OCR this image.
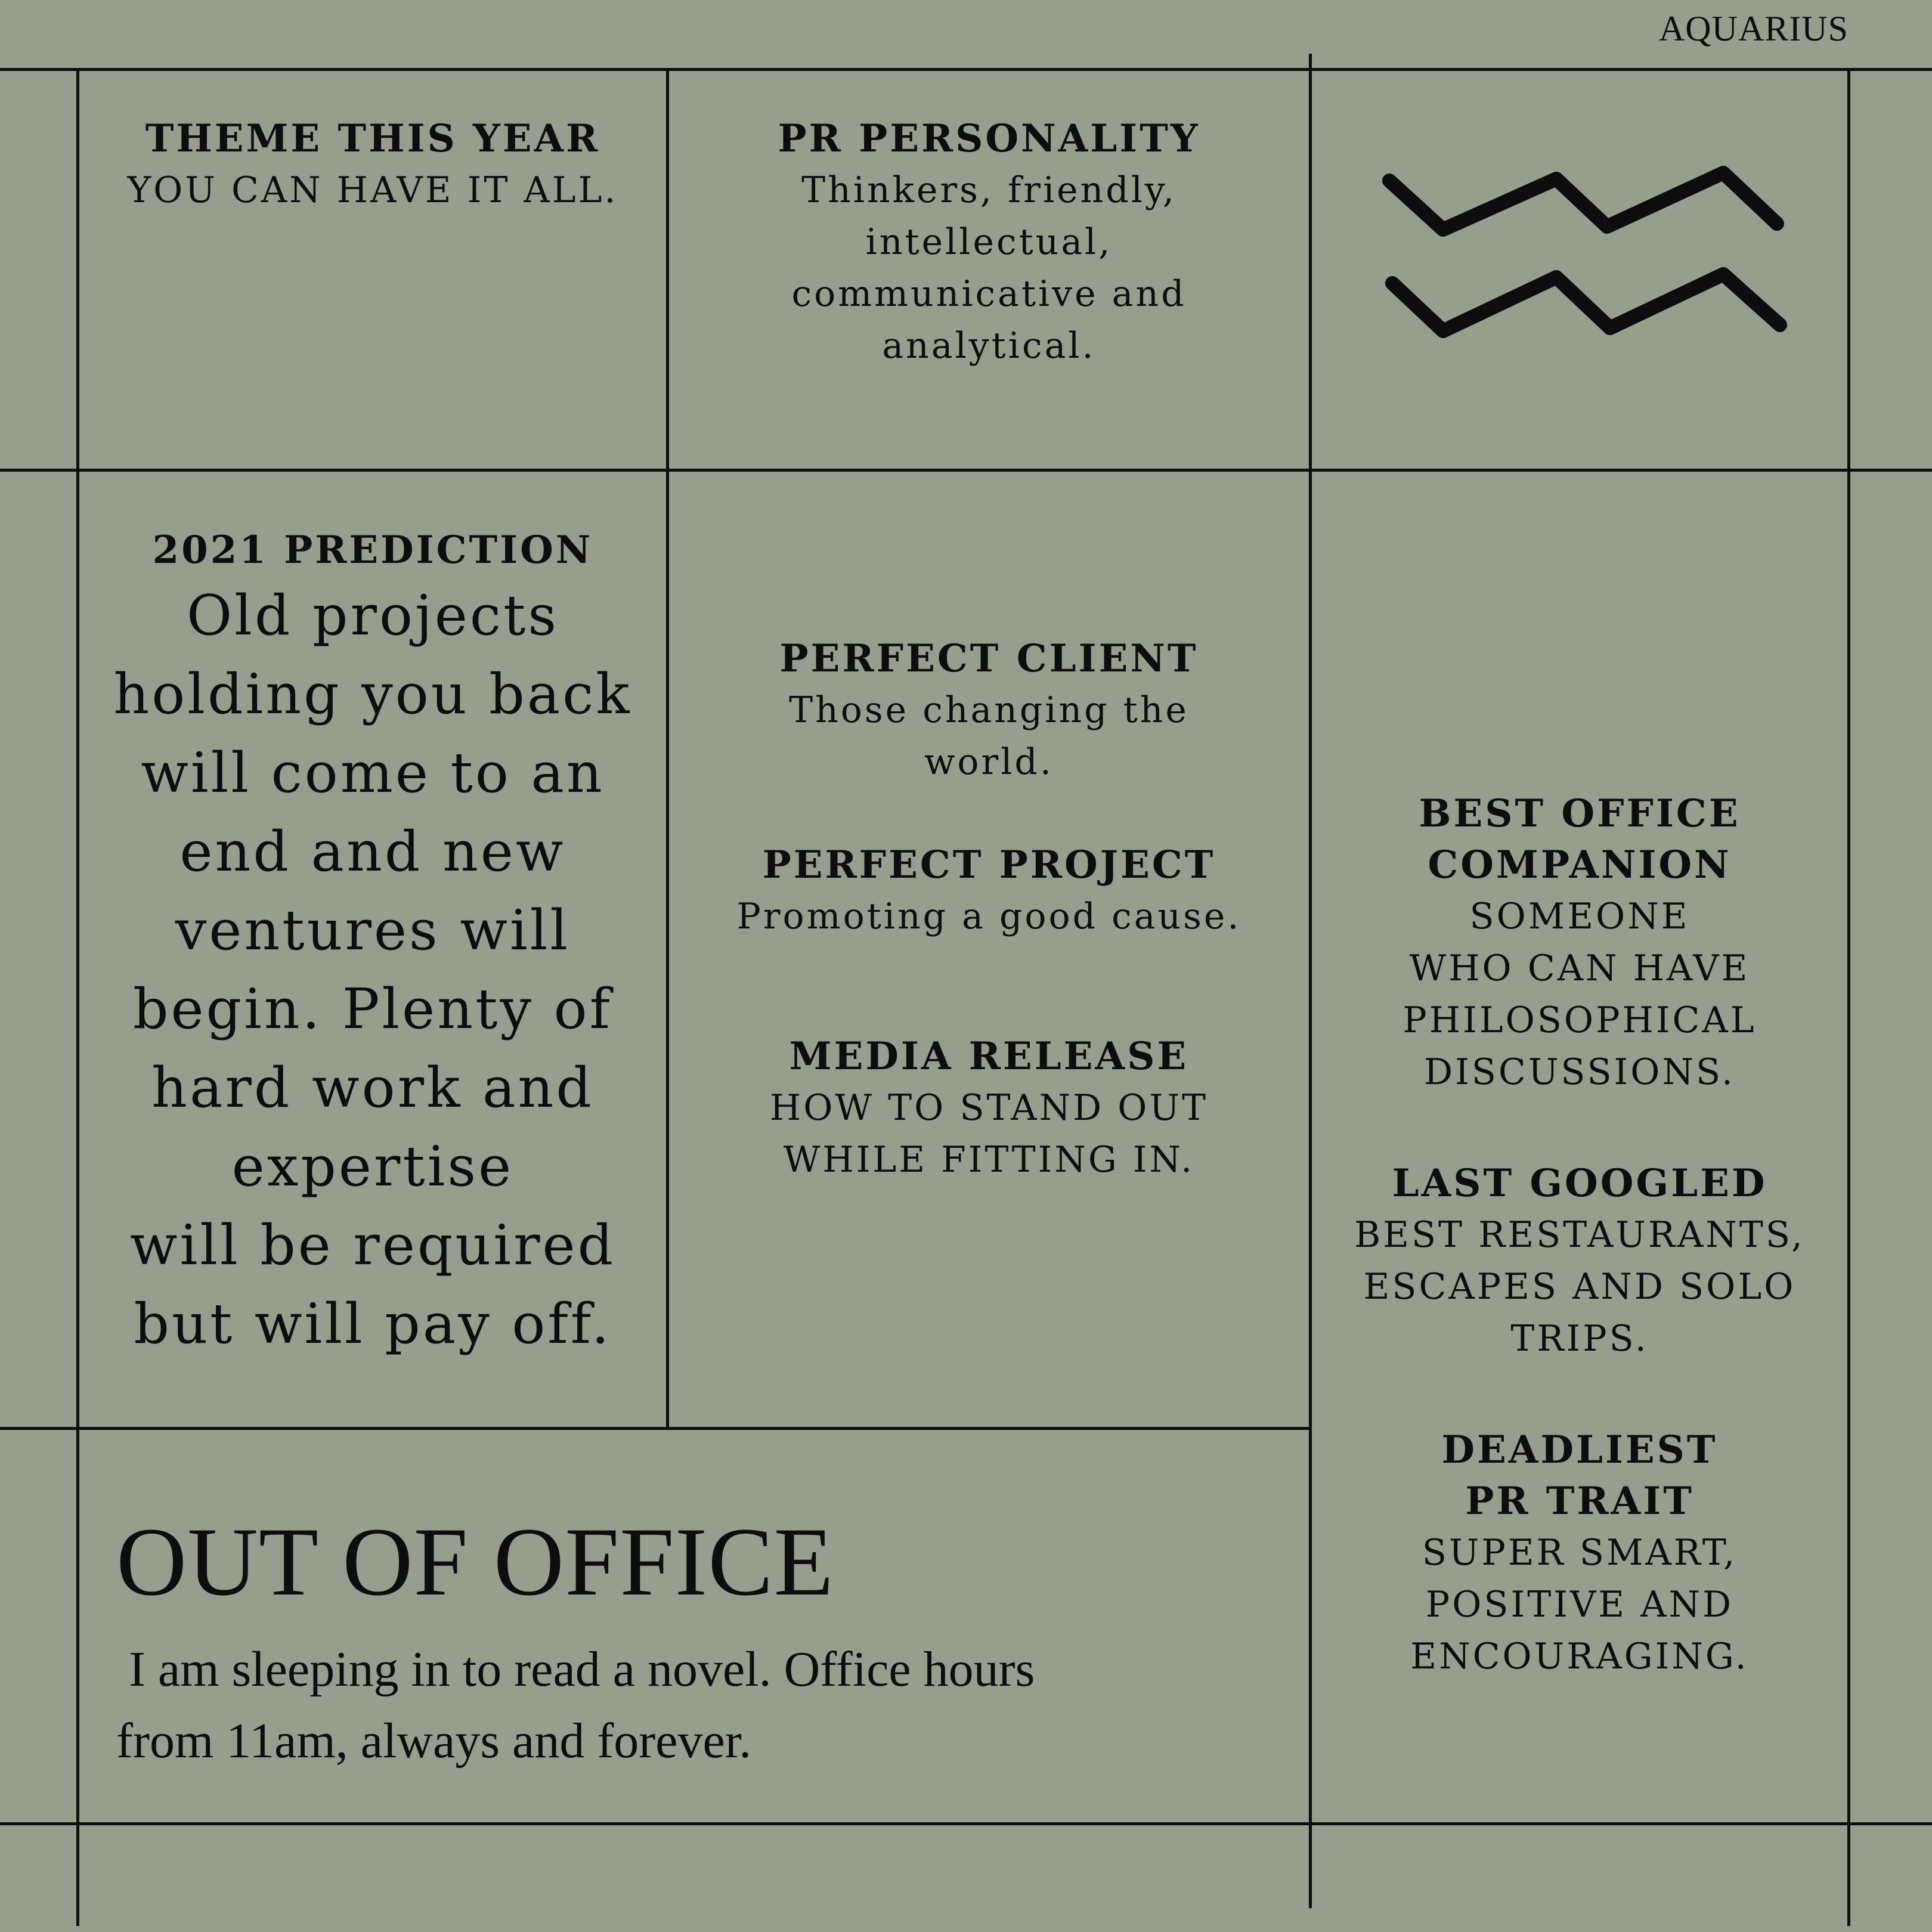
AQUARIUS
THEME THIS YEAR
YOU CAN HAVE IT ALL.
PR PERSONALITY
Thinkers, friendly,
intellectual,
communicative and
analytical.
2021 PREDICTION
Old projects
holding you back
will come to an
end and new
ventures will
begin. Plenty of
hard work and
expertise
will be required
but will pay off.
PERFECT CLIENT
Those changing the
world.
PERFECT PROJECT
Promoting a good cause.
MEDIA RELEASE
HOW TO STAND OUT
WHILE FITTING IN.
BEST OFFICE
COMPANION
SOMEONE
WHO CAN HAVE
PHILOSOPHICAL
DISCUSSIONS.
LAST GOOGLED
BEST RESTAURANTS,
ESCAPES AND SOLO
TRIPS.
DEADLIEST
PR TRAIT
SUPER SMART,
POSITIVE AND
ENCOURAGING.
OUT OF OFFICE
I am sleeping in to read a novel. Office hours
from 11am, always and forever.
